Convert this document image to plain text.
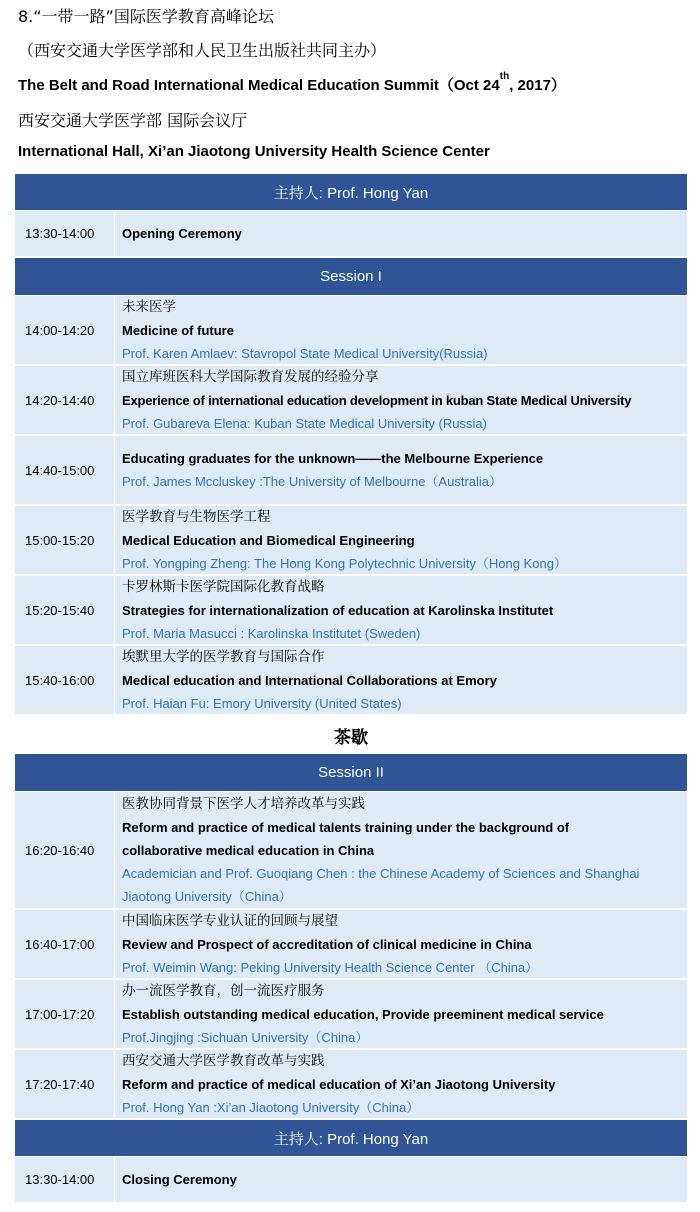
8.“一带一路”国际医学教育高峰论坛
（西安交通大学医学部和人民卫生出版社共同主办）
The Belt and Road International Medical Education Summit（Oct 24th, 2017）
西安交通大学医学部 国际会议厅
International Hall, Xi’an Jiaotong University Health Science Center
主持人: Prof. Hong Yan
13:30-14:00	Opening Ceremony
Session I
14:00-14:20
未来医学
Medicine of future
Prof. Karen Amlaev: Stavropol State Medical University(Russia)
14:20-14:40
国立库班医科大学国际教育发展的经验分享
Experience of international education development in kuban State Medical University
Prof. Gubareva Elena: Kuban State Medical University (Russia)
14:40-15:00
Educating graduates for the unknown——the Melbourne Experience
Prof. James Mccluskey :The University of Melbourne（Australia）
15:00-15:20
医学教育与生物医学工程
Medical Education and Biomedical Engineering
Prof. Yongping Zheng: The Hong Kong Polytechnic University（Hong Kong）
15:20-15:40
卡罗林斯卡医学院国际化教育战略
Strategies for internationalization of education at Karolinska Institutet
Prof. Maria Masucci : Karolinska Institutet (Sweden)
15:40-16:00
埃默里大学的医学教育与国际合作
Medical education and International Collaborations at Emory
Prof. Haian Fu: Emory University (United States)
茶歇
Session II
16:20-16:40
医教协同背景下医学人才培养改革与实践
Reform and practice of medical talents training under the background of collaborative medical education in China
Academician and Prof. Guoqiang Chen : the Chinese Academy of Sciences and Shanghai Jiaotong University（China）
16:40-17:00
中国临床医学专业认证的回顾与展望
Review and Prospect of accreditation of clinical medicine in China
Prof. Weimin Wang: Peking University Health Science Center （China）
17:00-17:20
办一流医学教育，创一流医疗服务
Establish outstanding medical education, Provide preeminent medical service
Prof.Jingjing :Sichuan University（China）
17:20-17:40
西安交通大学医学教育改革与实践
Reform and practice of medical education of Xi’an Jiaotong University
Prof. Hong Yan :Xi’an Jiaotong University（China）
主持人: Prof. Hong Yan
13:30-14:00	Closing Ceremony
